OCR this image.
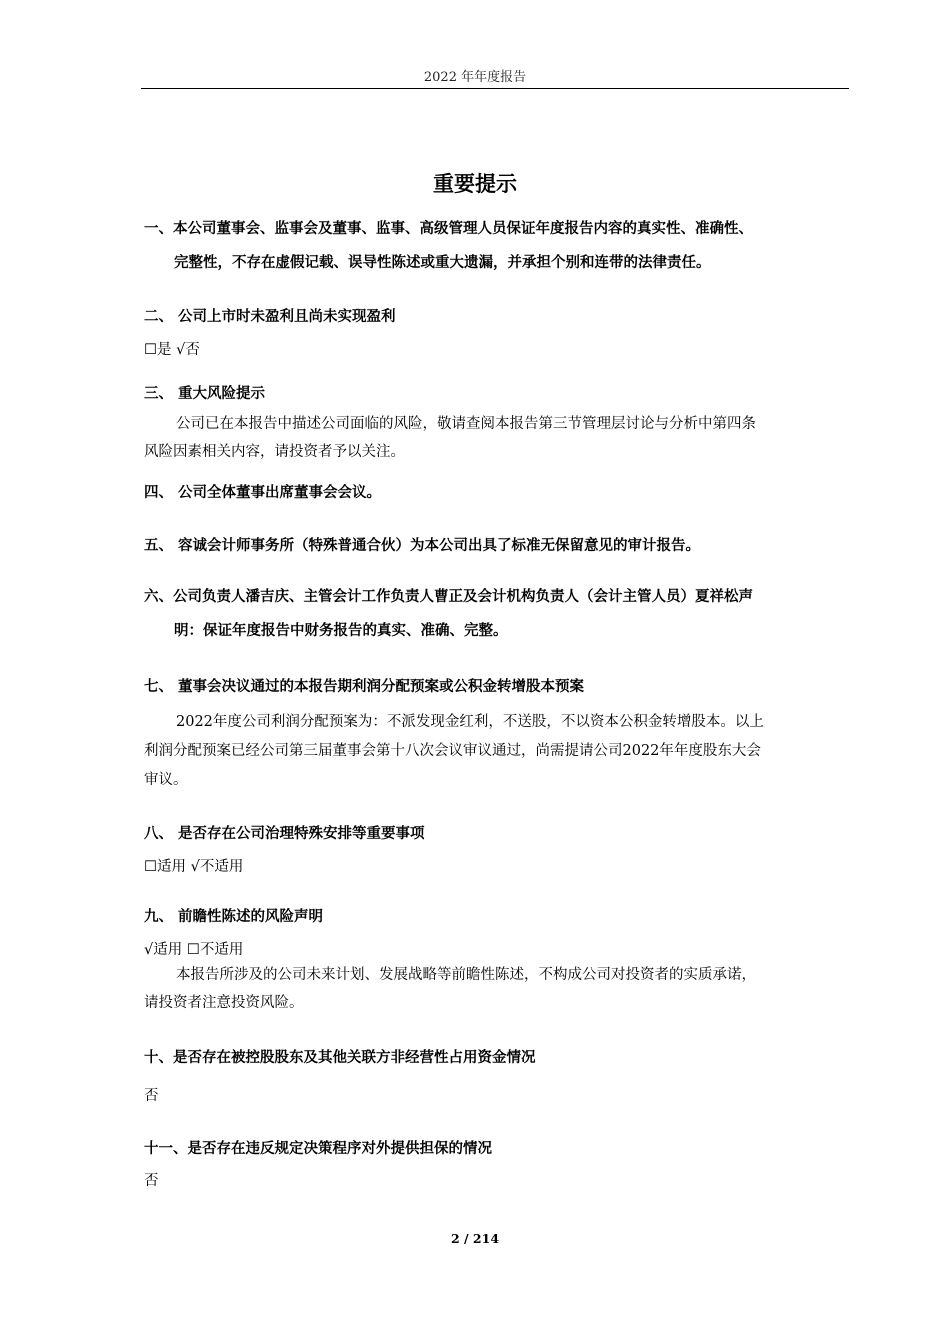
2022 年年度报告
重要提示
一、本公司董事会、监事会及董事、监事、高级管理人员保证年度报告内容的真实性、准确性、
完整性，不存在虚假记载、误导性陈述或重大遗漏，并承担个别和连带的法律责任。
二、 公司上市时未盈利且尚未实现盈利
☐是 √否
三、 重大风险提示
公司已在本报告中描述公司面临的风险，敬请查阅本报告第三节管理层讨论与分析中第四条
风险因素相关内容，请投资者予以关注。
四、 公司全体董事出席董事会会议。
五、 容诚会计师事务所（特殊普通合伙）为本公司出具了标准无保留意见的审计报告。
六、公司负责人潘吉庆、主管会计工作负责人曹正及会计机构负责人（会计主管人员）夏祥松声
明：保证年度报告中财务报告的真实、准确、完整。
七、 董事会决议通过的本报告期利润分配预案或公积金转增股本预案
2022年度公司利润分配预案为：不派发现金红利，不送股，不以资本公积金转增股本。以上
利润分配预案已经公司第三届董事会第十八次会议审议通过，尚需提请公司2022年年度股东大会
审议。
八、 是否存在公司治理特殊安排等重要事项
☐适用 √不适用
九、 前瞻性陈述的风险声明
√适用 ☐不适用
本报告所涉及的公司未来计划、发展战略等前瞻性陈述，不构成公司对投资者的实质承诺，
请投资者注意投资风险。
十、是否存在被控股股东及其他关联方非经营性占用资金情况
否
十一、是否存在违反规定决策程序对外提供担保的情况
否
2 / 214
